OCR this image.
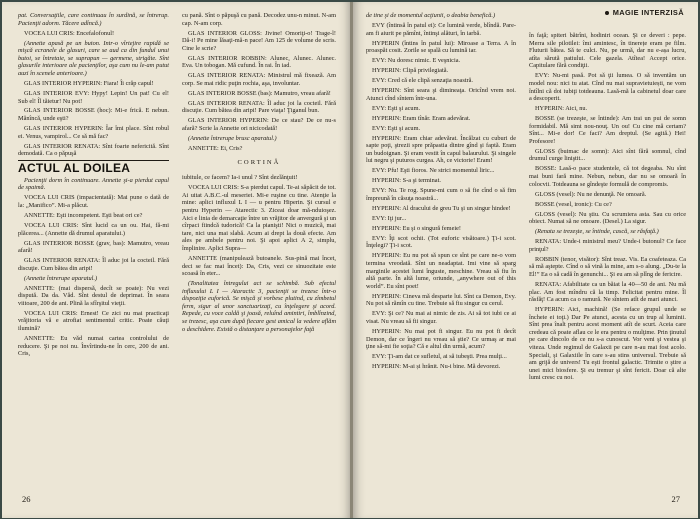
pat. Conversaţiile, care continuau în surdină, se întrerup. Pacienţii adorm. Tăcere adîncă.)

VOCEA LUI CRIS: Encefalofonul!

(Annette apasă pe un buton. Intr-o vîrtejire rapidă se mişcă ecranele de glasuri, care se aud ca din fundul unui butoi, se întretaie, se suprapun — germene, strigăte. Sînt glasurile interioare ale pacienţilor, aşa cum nu le-am putut auzi în scenele anterioare.)

GLAS INTERIOR HYPERIN: Fiara! Îi crăp capul!

GLAS INTERIOR EVY: Hypy! Lepin! Un pat! Cu el! Sub el! Îl tăietur! Nu pot!

GLAS INTERIOR BOSSE (hoc): Mi-e frică. E nebun. Mănîncă, unde eşti?

GLAS INTERIOR HYPERIN: Îar îmi place. Sînt robul ei. Venus, vampirol... Ce să mă fac?

GLAS INTERIOR RENATA: Sînt foarte nefericită. Sînt demodată. Ca o păpuşă

ACTUL AL DOILEA

Pacienţii dorm în continuare. Annette şi-a pierdut capul de spaimă.

VOCEA LUI CRIS (impacientată): Mai pune o dată de la: „Manifico”. Mi-a plăcut.

ANNETTE: Eşti incompetent. Eşti beat ori ce?

VOCEA LUI CRIS: Sînt lucid ca un ou. Hai, fă-mi plăcerea... (Annette dă drumul aparatului.)

GLAS INTERIOR BOSSE (grav, bas): Mamutro, vreau afară!

GLAS INTERIOR RENATA: Îl aduc joi la cocteil. Fără discuţie. Cum bătea din aripi!

(Annette întrerupe aparatul.)

ANNETTE: (mai dispersă, decît se poate): Nu vezi dispută. Da da. Văd. Sînt destul de deprimat. În seara viitoare, 200 de ani. Plină la sfîrşitul vieţii.

VOCEA LUI CRIS: Ernest! Ce zici nu mai practicaţi vrăjitoria vă e atrofiat sentimentul critic. Poate căuţi ilumină?

ANNETTE: Eu văd numai cartea controlului de reducere. Şi pe noi nu. Învîrtindu-ne în cerc, 200 de ani. Cris,

cu pană. Sînt o păpuşă cu pană. Decodez unu-n minut. N-am cap. N-am corp.

GLAS INTERIOR GLOSS: Jivine! Omoriţi-o! Trage-l! Dă-i! Pe mine lăsaţi-mă-n pace! Am 125 de volume de scris. Cine le scrie?

GLAS INTERIOR ROBBIN: Alunec, Alunec. Alunec. Eva. Un tobogan. Mă cufund. În rai. În iad.

GLAS INTERIOR RENATA: Ministrul mă fixează. Am corp. Se mai ridic puţin rochia, aşa, involuntar.

GLAS INTERIOR BOSSE (bas): Mamutro, vreau afară!

GLAS INTERIOR RENATA: Îl aduc joi la cocteil. Fără discuţie. Cum bătea din aripi! Pare viaţa! Ţiganul bun.

GLAS INTERIOR HYPERIN: De ce stau? De ce nu-s afară? Scrie la Annette ori nicicodată!

(Annette întrerupe brusc aparatul.)

ANNETTE: Ei, Cris?

CORTINĂ

iubitule, ce facem? Ia-i unul ? Sînt dezlănţuit!

VOCEA LUI CRIS: S-a pierdut capul. Te-ai săpăcit de tot. Ai uitat A.B.C.-ul meseriei. Mi-e ruşine cu tine. Atenţie la mine: aplici influxul L I — u pentru Hiperin. Şi cursul e pentru Hyperin — Atarectic 3. Ziceai doar mă-nduioşez. Aici e linia de demarcaţie între un vrăjitor de anvergură şi un cîrpaci fiindcă tudorică! Ca la pianişti! Nici o muzică, mai tare, nici una mai slabă. Acum ai drept la două efecte. Am ales pe ambele pentru noi. Şi apoi aplici A 2, simplu, împlinire. Aplici Supra—

ANNETTE (manipulează butoanele. Sus-pină mai încet, deci se fac mai încet): Da, Cris, vezi ce sinuozitate este scoasă în eter...

(Tonalitatea întregului act se schimbă. Sub efectul influxului L I — Ataractic 3, pacienţii se trezesc într-o dispoziţie euforică. Se mişcă şi vorbesc plutind, cu zîmbetul ferm, sigur al unor sanctuarizaţi, cu înţelegere şi acord. Repede, cu voce caldă şi joasă, reluînd amintiri, îmblînzind, se trezesc, aşa cum după fiecare gest amical la vedere aflăm o deschidere. Există o distanţare a personajelor faţă

26
MAGIE INTERZISĂ

de tine şi de momentul acţiunii, o deabia benefică.)

EVY (întinsă în patul ei): Ce lumină verde, blîndă. Pare-am fi aiurit pe pămînt, întinşi alături, în iarbă.

HYPERIN (întins în patul lui): Miroase a Terra. A în proaspăt cosit. Zorile se spală cu lumină iar.

EVY: Nu doresc nimic. E veşnicia.

HYPERIN: Clipă privilegiată.

EVY: Cred că ele clipă senzaţia noastră.

HYPERIN: Sînt seara şi dimineaţa. Oricînd vrem noi. Atunci cînd sîntem într-una.

EVY: Eşti şi acum.

HYPERIN: Eram tînăr. Eram adevărat.

EVY: Eşti şi acum.

HYPERIN: Eram chiar adevărat. Încălzat cu cuburi de sapte poţi, ştrezii spre prăpastia dintre gînd şi faptă. Eram un budoignan. Şi eram vestit în capul balaurului. Şi singele lui negru şi puturos curgea. Ah, ce victorie! Eram!

EVY: Pfu! Eşti fioros. Ne strici momentul liric...

HYPERIN: S-a şi terminat.

EVY: Nu. Te rog. Spune-mi cum o să fie cînd o să fim împreună în căsuţa noastră...

HYPERIN: Al dracului de greu Tu şi un singur hindee!

EVY: Iţi jur...

HYPERIN: Eu şi o singură femeie!

EVY: Îţi scot ochii. (Tot euforic visătoare.) Ţi-i scot. Înţelegi? Ţi-i scot.

HYPERIN: Eu nu pot să spun ce sînt pe care ne-o vom termina vreodată. Sînt un neadaptat. Imi vine să sparg marginile acestei lumi înguste, meschine. Vreau să fiu în altă parte. În altă lume, oriunde, „anywhere out of this world”. Eu sînt poet!

HYPERIN: Cineva mă desparte lui. Sînt ca Demon, Evy. Nu pot să rămîn cu tine. Trebuie să fiu singur cu cerul.

EVY: Şi ce? Nu mai ai nimic de zis. Ai să tot iubi ce ai visat. Nu vreau să fii singur.

HYPERIN: Nu mai pot fi singur. Eu nu pot fi decît Demon, dar ce îngeri nu vreau să ştie? Ce urmaş ar mai ţine să-mi fie soţia? Că e altul din urmă, acum?

EVY: Ţi-am dat ce sufletul, ai să iubeşti. Prea mulţi...

HYPERIN: M-ai și hrănit. Nu-i bine. Mă devorezi.

în faţă; spiteri bătrîni, hodiniri ocean. Şi ce deveri : pepe. Merra sile pilotilei: îmi amintesc, în tinerețe eram pe film. Fluturii bătea. Să te culci. Nu, pe urmă, dar nu e-așa lucru, atîta sărută patiului. Cele gazela. Atîtea! Accept orice. Capitulare fără condiţii.

EVY: Nu-mi pasă. Pot să ţii lumea. O să inventăm un model nou: nici tu atat. Cînd nu mai supravietuiești, ne vom întîlni că doi iubiţi totdeauna. Lasă-mă la cabinetul doar care a descoperit.

HYPERIN: Aici, nu.

BOSSE (se trezeşte, se întinde): Am trai un pui de somn formidabil. Mă simt nou-nouţ. Un ou! Cu cine mă certam? Sînt... Mi-e dor! Ce faci? Am dreptul. (Se agită.) Hei! Profesore!

GLOSS (buimac de somn): Aici sînt fără somnul, cînd drumul curge liniştit...

BOSSE: Lasă-o pace studentele, că tot degeaba. Nu sînt mai buni fară mine. Nebun, nebun, dar nu se omoară în colocvii. Totdeauna se gîndeşte formulă de compromis.

GLOSS (vesel): Nu ne denunţă. Ne omoară.

BOSSE (vesel, ironic): Cu ce?

GLOSS (vesel): Nu ştiu. Cu scrumiera asta. Sau cu orice obiect. Numai să ne omoare. (Desel.) La sigur.

(Renata se trezeşte, se întinde, cască, se răsfaţă.)

RENATA: Unde-i ministrul meu? Unde-i butonul? Ce face prinţul?

ROBBIN (tenor, visător): Sînt treaz. Vis. Ea coafeteaza. Ca să mă aştepte. Cînd o să vină la mine, am s-o alung. „Du-te la El!” Ea o să cadă în genunchi... Şi eu am să plîng de fericire.

RENATA: Afabilitate ca un băiat la 40—50 de ani. Nu mă plac. Am fost mîndru că la timp. Felicitat pentru mine. Îl răsfăţ! Ca acum ca o ramură. Ne sîntem atît de mari atunci.

HYPERIN: Aici, machină! (Se reface grupul unde se încheie ei toţi.) Dar Pe atunci, acesta cu un trup al luminii. Sînt prea înalt pentru acest moment atît de scurt. Aceia care credeau că poate aflau ce le era pentru o mulţime. Prin ţinutul pe care dincolo de ce nu s-a cunoscut. Vor veni şi vestea şi viteza. Unde regimul de Galaxii pe care n-au mai fost acolo. Speciali, şi Galaxiile în care s-au stins universul. Trebuie să am grijă de univers! Tu eşti frontul galactic. Trimite o ştire a unei mici biosfere. Şi eu tremur şi sînt fericit. Doar că alte lumi cresc cu noi.

27
